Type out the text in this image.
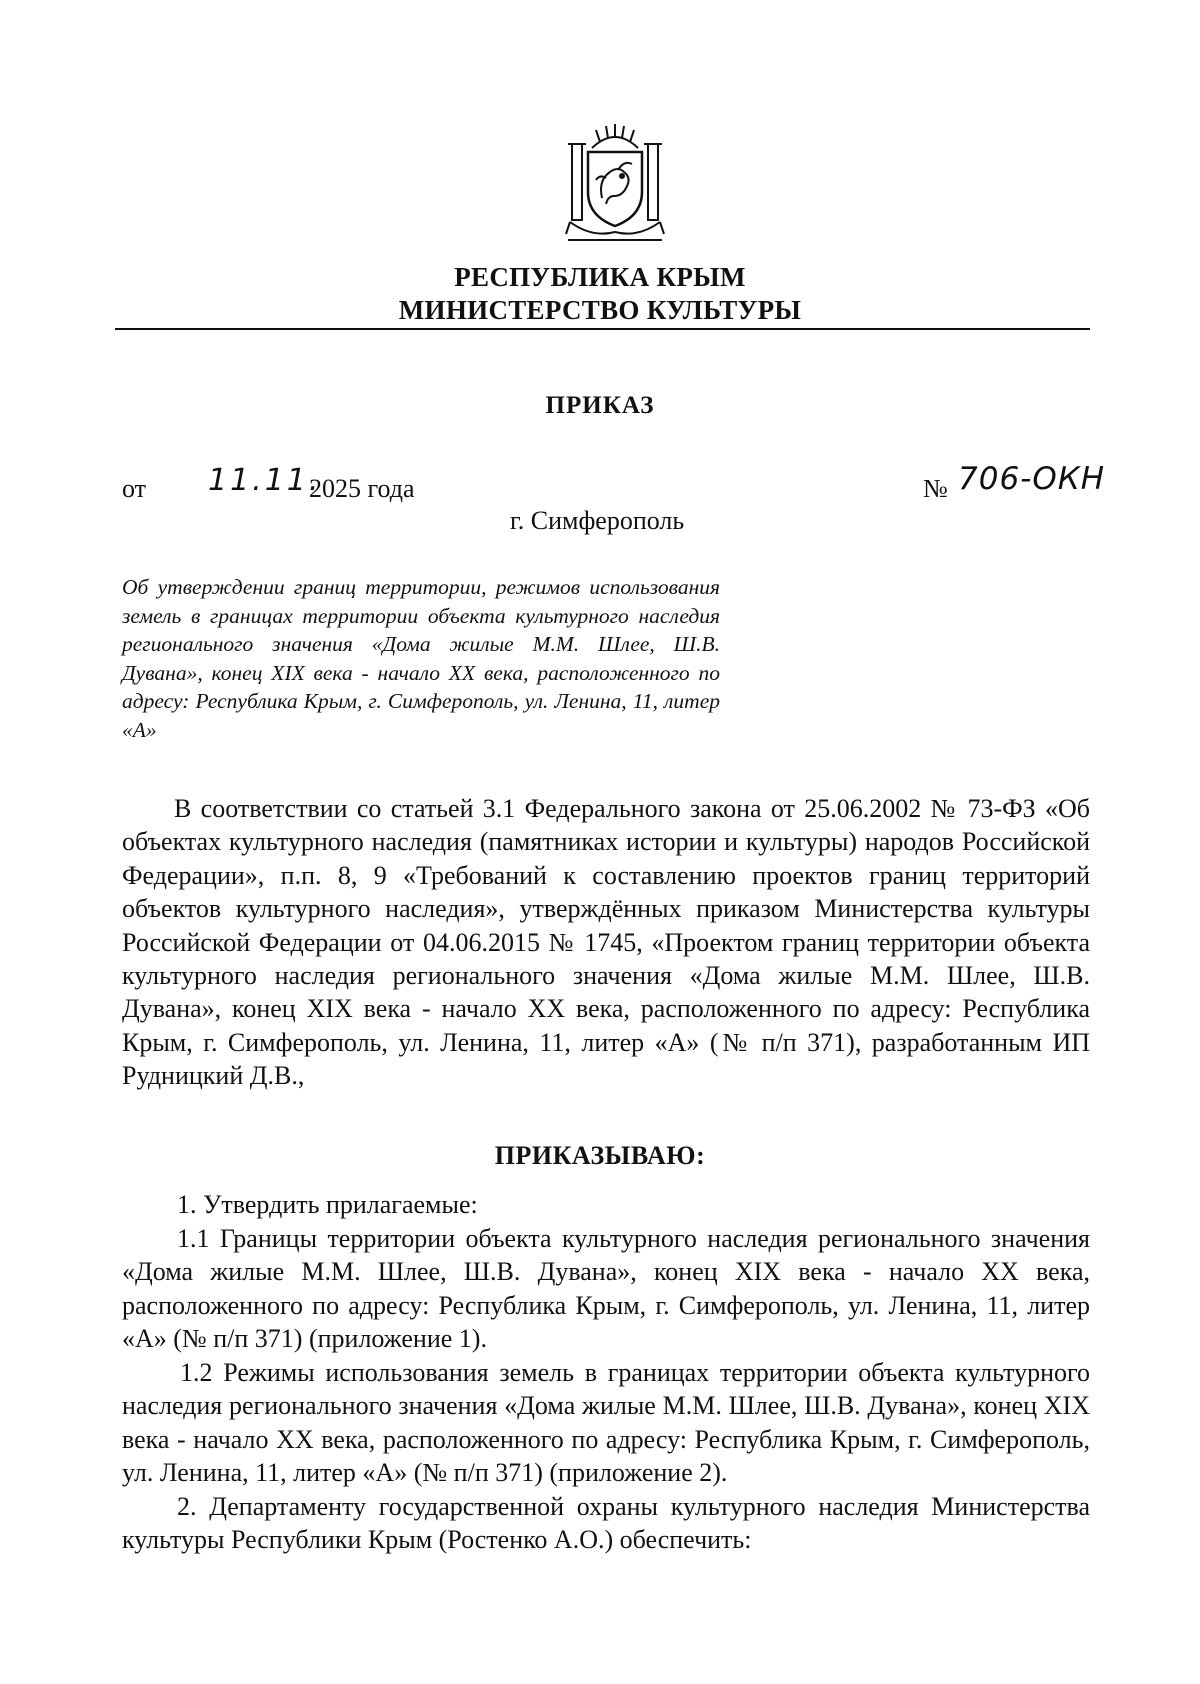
РЕСПУБЛИКА КРЫМ
МИНИСТЕРСТВО КУЛЬТУРЫ
ПРИКАЗ
от 11.11.
2025 года	№ 706-ОКН
г. Симферополь
Об утверждении границ территории, режимов использования земель в границах территории объекта культурного наследия регионального значения «Дома жилые М.М. Шлее, Ш.В. Дувана», конец XIX века - начало XX века, расположенного по адресу: Республика Крым, г. Симферополь, ул. Ленина, 11, литер «А»
В соответствии со статьей 3.1 Федерального закона от 25.06.2002 № 73-ФЗ «Об объектах культурного наследия (памятниках истории и культуры) народов Российской Федерации», п.п. 8, 9 «Требований к составлению проектов границ территорий объектов культурного наследия», утверждённых приказом Министерства культуры Российской Федерации от 04.06.2015 № 1745, «Проектом границ территории объекта культурного наследия регионального значения «Дома жилые М.М. Шлее, Ш.В. Дувана», конец XIX века - начало XX века, расположенного по адресу: Республика Крым, г. Симферополь, ул. Ленина, 11, литер «А» (№ п/п 371), разработанным ИП Рудницкий Д.В.,
ПРИКАЗЫВАЮ:
1. Утвердить прилагаемые:
1.1 Границы территории объекта культурного наследия регионального значения «Дома жилые М.М. Шлее, Ш.В. Дувана», конец XIX века - начало XX века, расположенного по адресу: Республика Крым, г. Симферополь, ул. Ленина, 11, литер «А» (№ п/п 371) (приложение 1).
1.2 Режимы использования земель в границах территории объекта культурного наследия регионального значения «Дома жилые М.М. Шлее, Ш.В. Дувана», конец XIX века - начало XX века, расположенного по адресу: Республика Крым, г. Симферополь, ул. Ленина, 11, литер «А» (№ п/п 371) (приложение 2).
2. Департаменту государственной охраны культурного наследия Министерства культуры Республики Крым (Ростенко А.О.) обеспечить:
